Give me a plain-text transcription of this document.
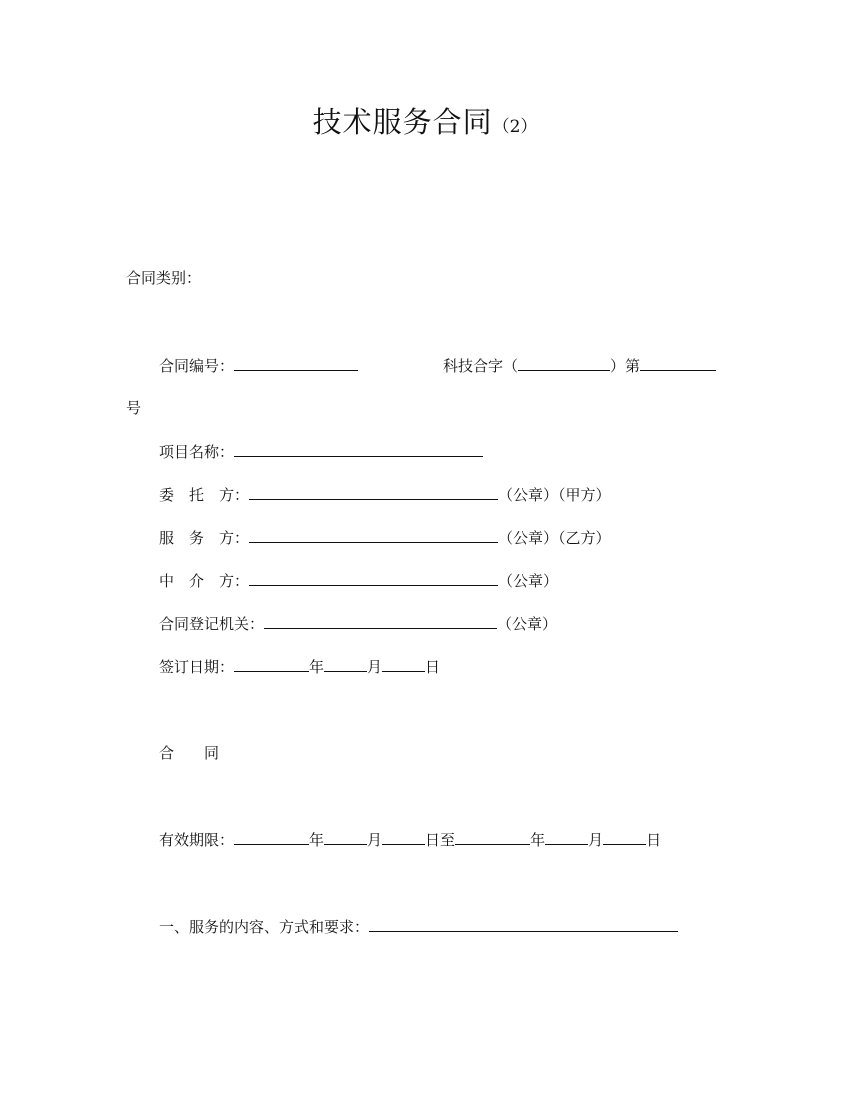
技术服务合同（2）
合同类别：
合同编号：	科技合字（	）第
号
项目名称：
委　托　方：	（公章）（甲方）
服　务　方：	（公章）（乙方）
中　介　方：	（公章）
合同登记机关：	（公章）
签订日期：	年	月	日
合　　同
有效期限：	年	月	日至	年	月	日
一、服务的内容、方式和要求：
